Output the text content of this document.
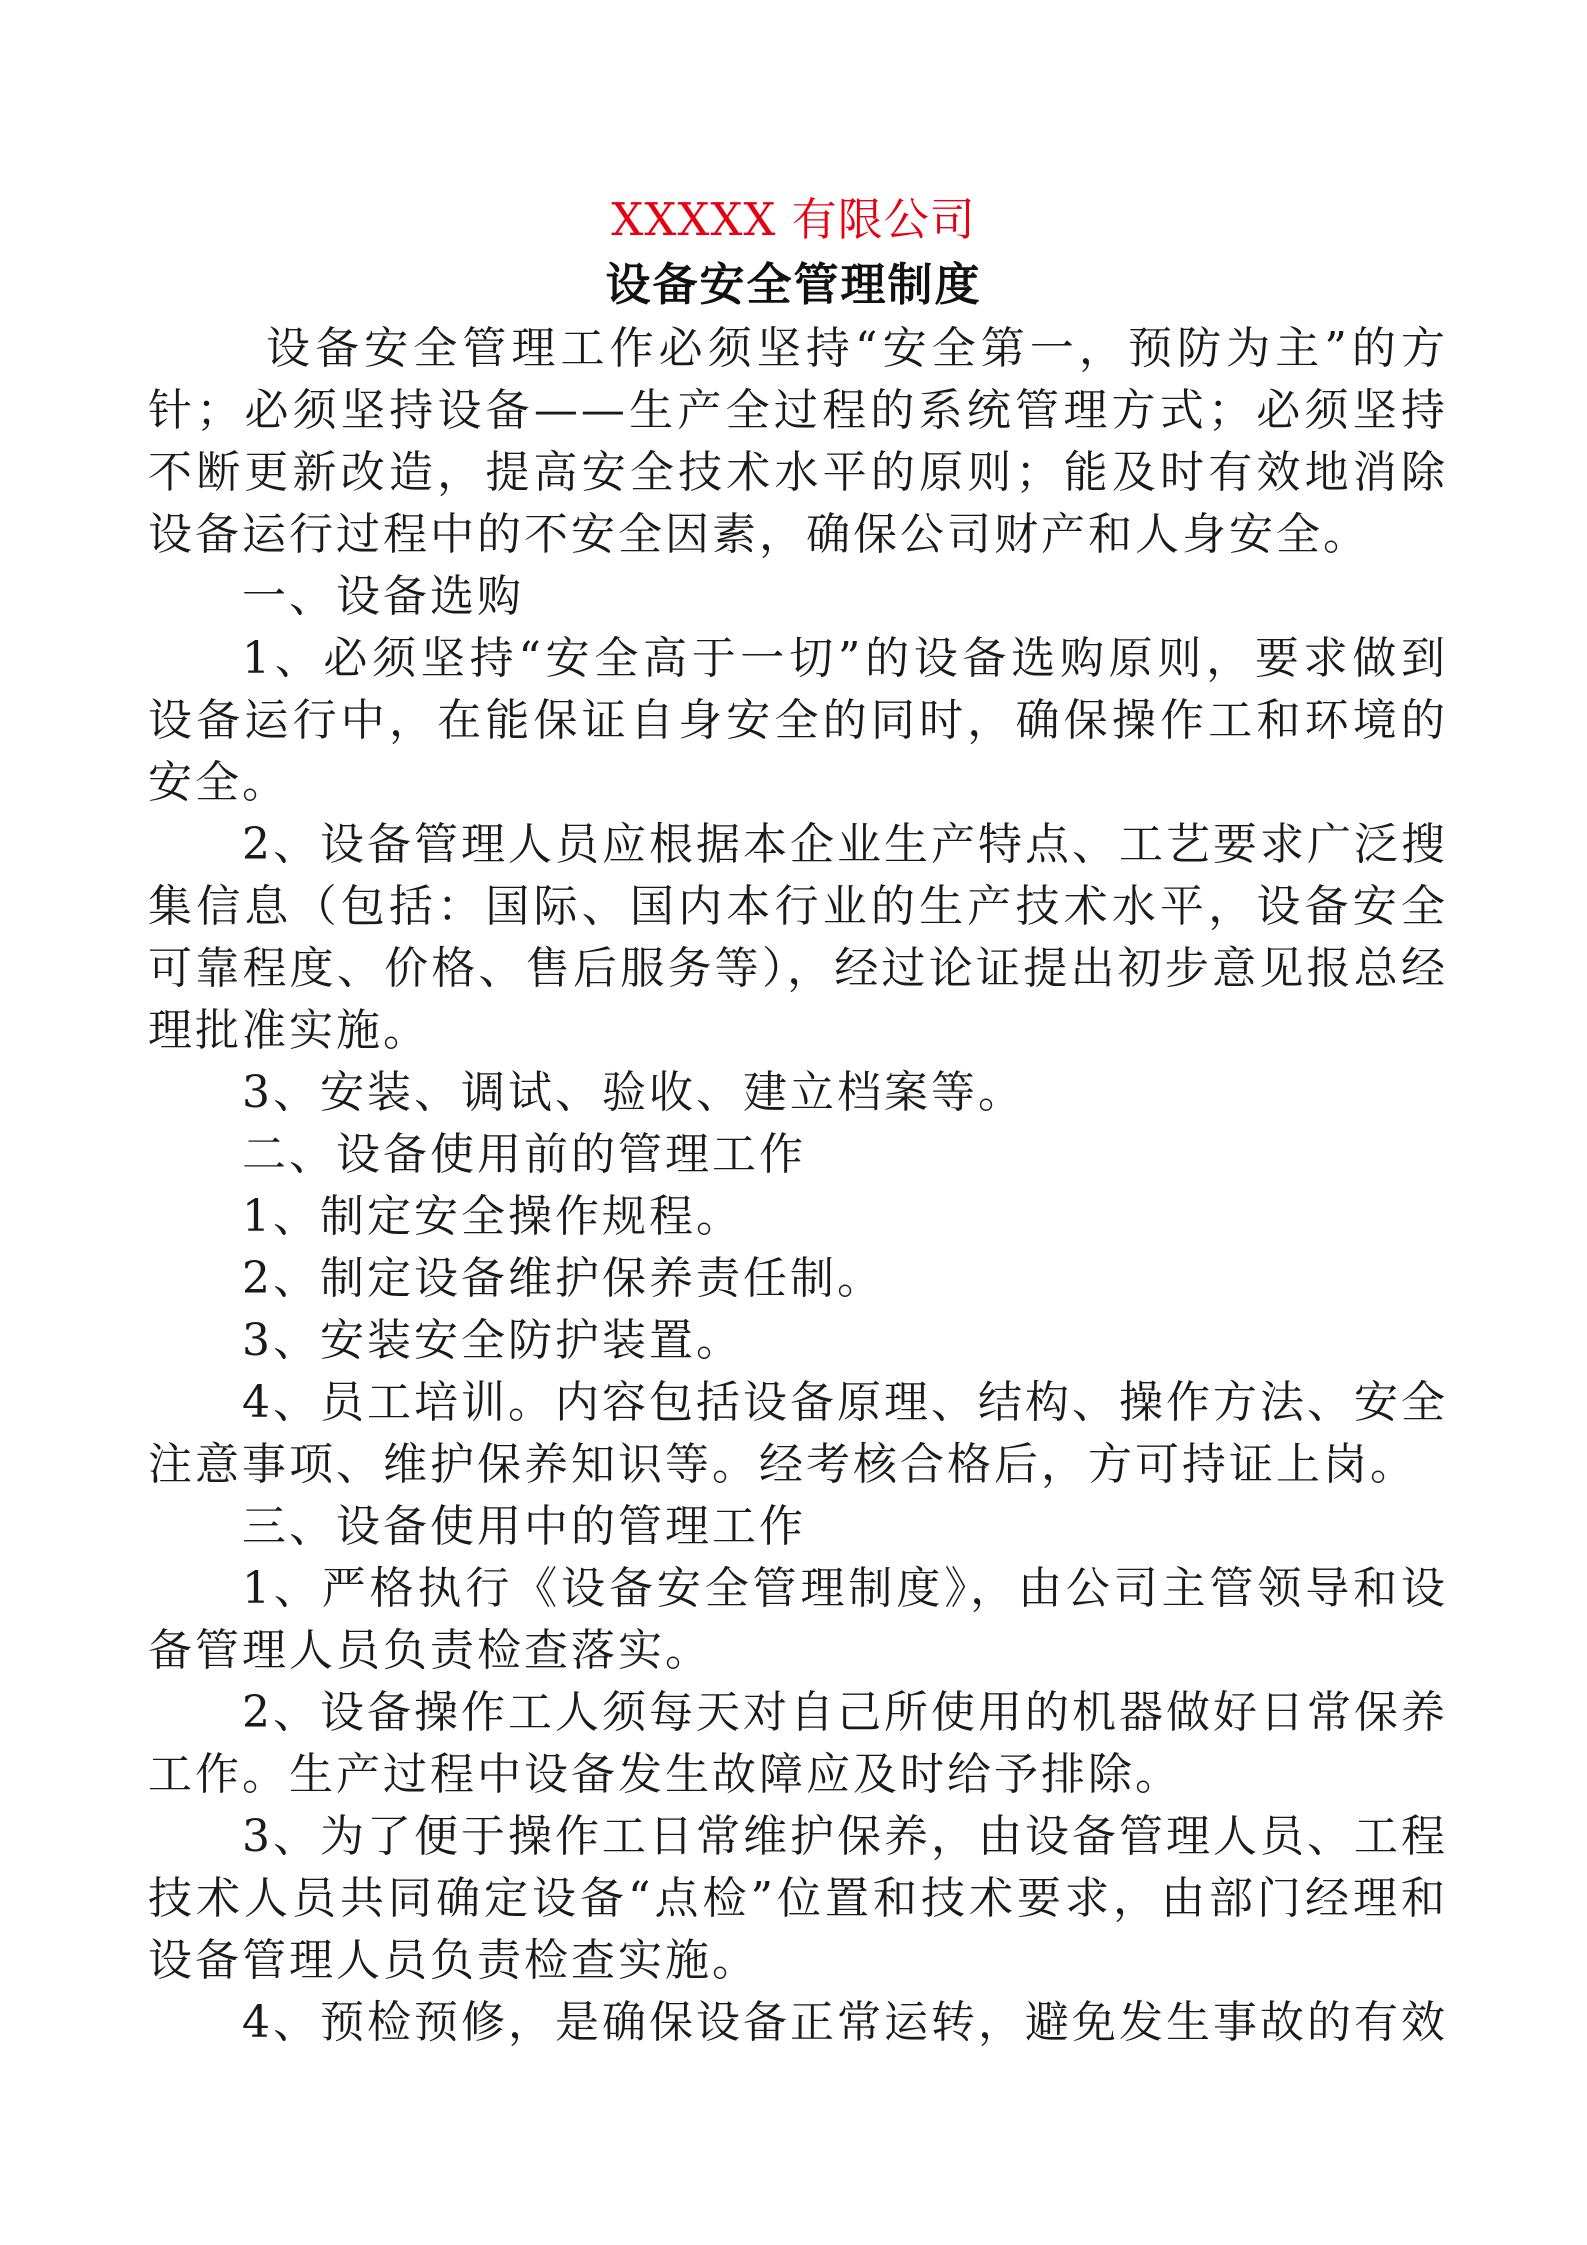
XXXXX 有限公司
设备安全管理制度

设备安全管理工作必须坚持“安全第一，预防为主”的方针；必须坚持设备——生产全过程的系统管理方式；必须坚持不断更新改造，提高安全技术水平的原则；能及时有效地消除设备运行过程中的不安全因素，确保公司财产和人身安全。

一、设备选购

1、必须坚持“安全高于一切”的设备选购原则，要求做到设备运行中，在能保证自身安全的同时，确保操作工和环境的安全。

2、设备管理人员应根据本企业生产特点、工艺要求广泛搜集信息（包括：国际、国内本行业的生产技术水平，设备安全可靠程度、价格、售后服务等），经过论证提出初步意见报总经理批准实施。

3、安装、调试、验收、建立档案等。

二、设备使用前的管理工作

1、制定安全操作规程。

2、制定设备维护保养责任制。

3、安装安全防护装置。

4、员工培训。内容包括设备原理、结构、操作方法、安全注意事项、维护保养知识等。经考核合格后，方可持证上岗。

三、设备使用中的管理工作

1、严格执行《设备安全管理制度》，由公司主管领导和设备管理人员负责检查落实。

2、设备操作工人须每天对自己所使用的机器做好日常保养工作。生产过程中设备发生故障应及时给予排除。

3、为了便于操作工日常维护保养，由设备管理人员、工程技术人员共同确定设备“点检”位置和技术要求，由部门经理和设备管理人员负责检查实施。

4、预检预修，是确保设备正常运转，避免发生事故的有效
